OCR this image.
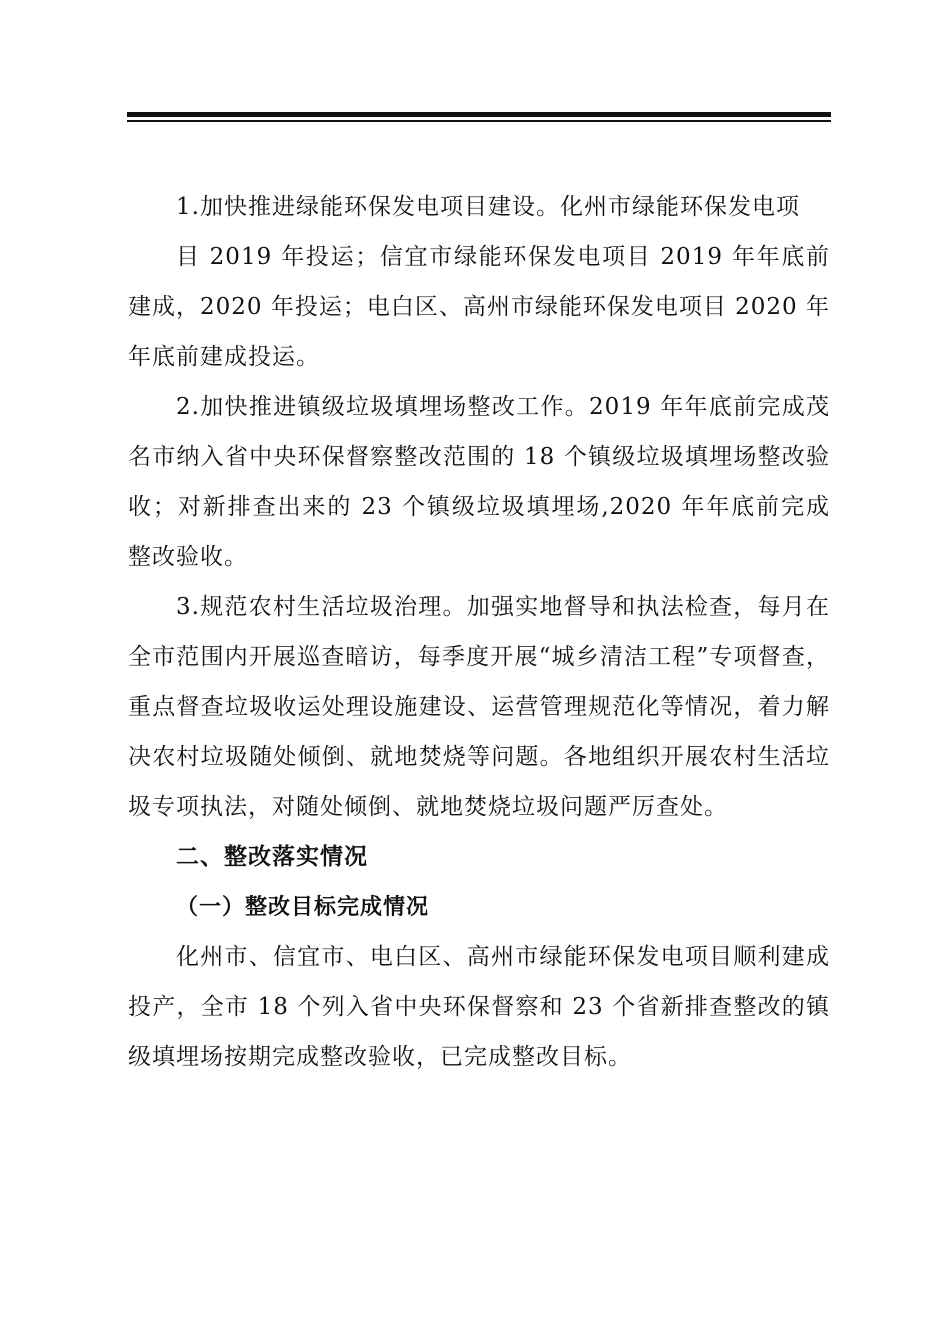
1.加快推进绿能环保发电项目建设。化州市绿能环保发电项

目 2019 年投运；信宜市绿能环保发电项目 2019 年年底前建成，2020 年投运；电白区、高州市绿能环保发电项目 2020 年年底前建成投运。

2.加快推进镇级垃圾填埋场整改工作。2019 年年底前完成茂名市纳入省中央环保督察整改范围的 18 个镇级垃圾填埋场整改验收；对新排查出来的 23 个镇级垃圾填埋场,2020 年年底前完成整改验收。

3.规范农村生活垃圾治理。加强实地督导和执法检查，每月在全市范围内开展巡查暗访，每季度开展“城乡清洁工程”专项督查，重点督查垃圾收运处理设施建设、运营管理规范化等情况，着力解决农村垃圾随处倾倒、就地焚烧等问题。各地组织开展农村生活垃圾专项执法，对随处倾倒、就地焚烧垃圾问题严厉查处。

二、整改落实情况

（一）整改目标完成情况

化州市、信宜市、电白区、高州市绿能环保发电项目顺利建成投产，全市 18 个列入省中央环保督察和 23 个省新排查整改的镇级填埋场按期完成整改验收，已完成整改目标。
